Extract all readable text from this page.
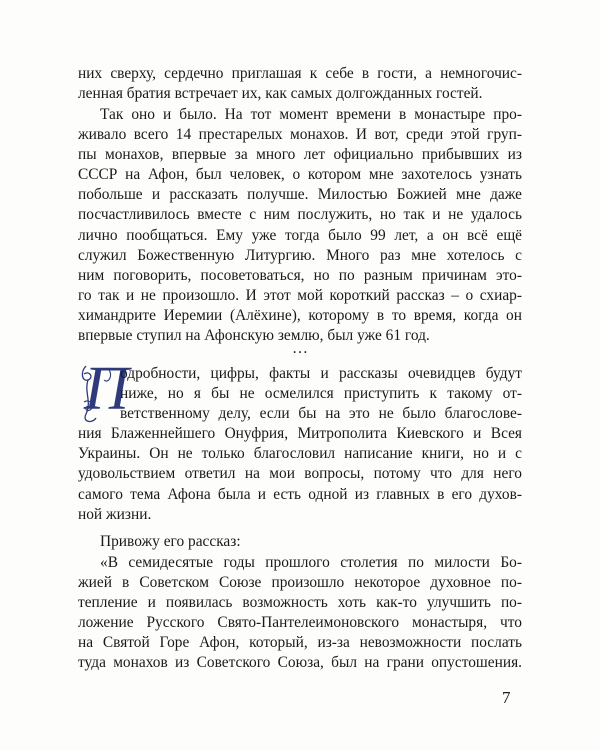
них сверху, сердечно приглашая к себе в гости, а немногочис-
ленная братия встречает их, как самых долгожданных гостей.
Так оно и было. На тот момент времени в монастыре про-
живало всего 14 престарелых монахов. И вот, среди этой груп-
пы монахов, впервые за много лет официально прибывших из
СССР на Афон, был человек, о котором мне захотелось узнать
побольше и рассказать получше. Милостью Божией мне даже
посчастливилось вместе с ним послужить, но так и не удалось
лично пообщаться. Ему уже тогда было 99 лет, а он всё ещё
служил Божественную Литургию. Много раз мне хотелось с
ним поговорить, посоветоваться, но по разным причинам это-
го так и не произошло. И этот мой короткий рассказ – о схиар-
химандрите Иеремии (Алёхине), которому в то время, когда он
впервые ступил на Афонскую землю, был уже 61 год.
…
П
одробности, цифры, факты и рассказы очевидцев будут
ниже, но я бы не осмелился приступить к такому от-
ветственному делу, если бы на это не было благослове-
ния Блаженнейшего Онуфрия, Митрополита Киевского и Всея
Украины. Он не только благословил написание книги, но и с
удовольствием ответил на мои вопросы, потому что для него
самого тема Афона была и есть одной из главных в его духов-
ной жизни.
Привожу его рассказ:
«В семидесятые годы прошлого столетия по милости Бо-
жией в Советском Союзе произошло некоторое духовное по-
тепление и появилась возможность хоть как-то улучшить по-
ложение Русского Свято-Пантелеимоновского монастыря, что
на Святой Горе Афон, который, из-за невозможности послать
туда монахов из Советского Союза, был на грани опустошения.
7
